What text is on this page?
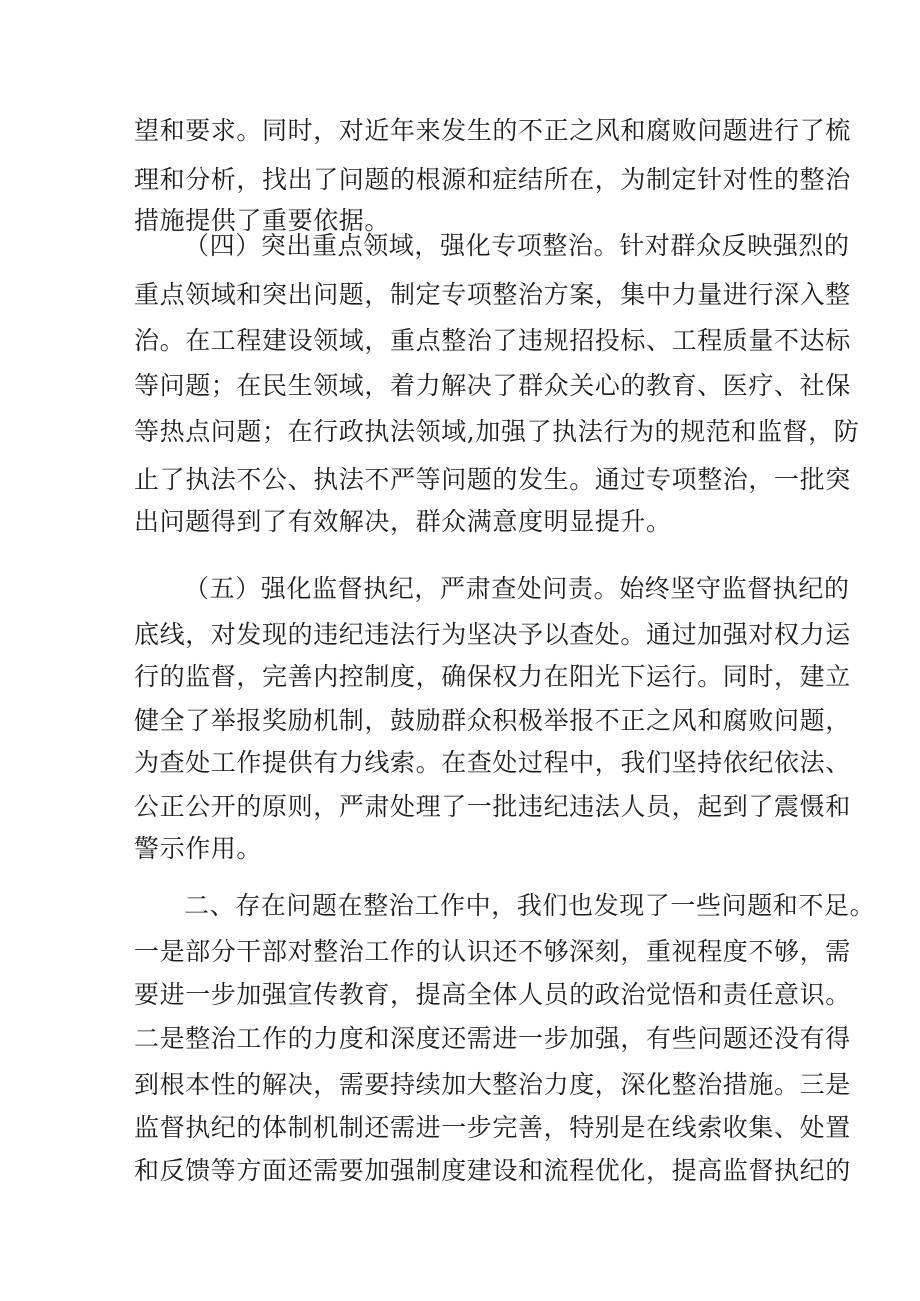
望和要求。同时，对近年来发生的不正之风和腐败问题进行了梳
理和分析，找出了问题的根源和症结所在，为制定针对性的整治
措施提供了重要依据。
（四）突出重点领域，强化专项整治。针对群众反映强烈的
重点领域和突出问题，制定专项整治方案，集中力量进行深入整
治。在工程建设领域，重点整治了违规招投标、工程质量不达标
等问题；在民生领域，着力解决了群众关心的教育、医疗、社保
等热点问题；在行政执法领域,加强了执法行为的规范和监督，防
止了执法不公、执法不严等问题的发生。通过专项整治，一批突
出问题得到了有效解决，群众满意度明显提升。
（五）强化监督执纪，严肃查处问责。始终坚守监督执纪的
底线，对发现的违纪违法行为坚决予以查处。通过加强对权力运
行的监督，完善内控制度，确保权力在阳光下运行。同时，建立
健全了举报奖励机制，鼓励群众积极举报不正之风和腐败问题，
为查处工作提供有力线索。在查处过程中，我们坚持依纪依法、
公正公开的原则，严肃处理了一批违纪违法人员，起到了震慑和
警示作用。
二、存在问题在整治工作中，我们也发现了一些问题和不足。
一是部分干部对整治工作的认识还不够深刻，重视程度不够，需
要进一步加强宣传教育，提高全体人员的政治觉悟和责任意识。
二是整治工作的力度和深度还需进一步加强，有些问题还没有得
到根本性的解决，需要持续加大整治力度，深化整治措施。三是
监督执纪的体制机制还需进一步完善，特别是在线索收集、处置
和反馈等方面还需要加强制度建设和流程优化，提高监督执纪的
